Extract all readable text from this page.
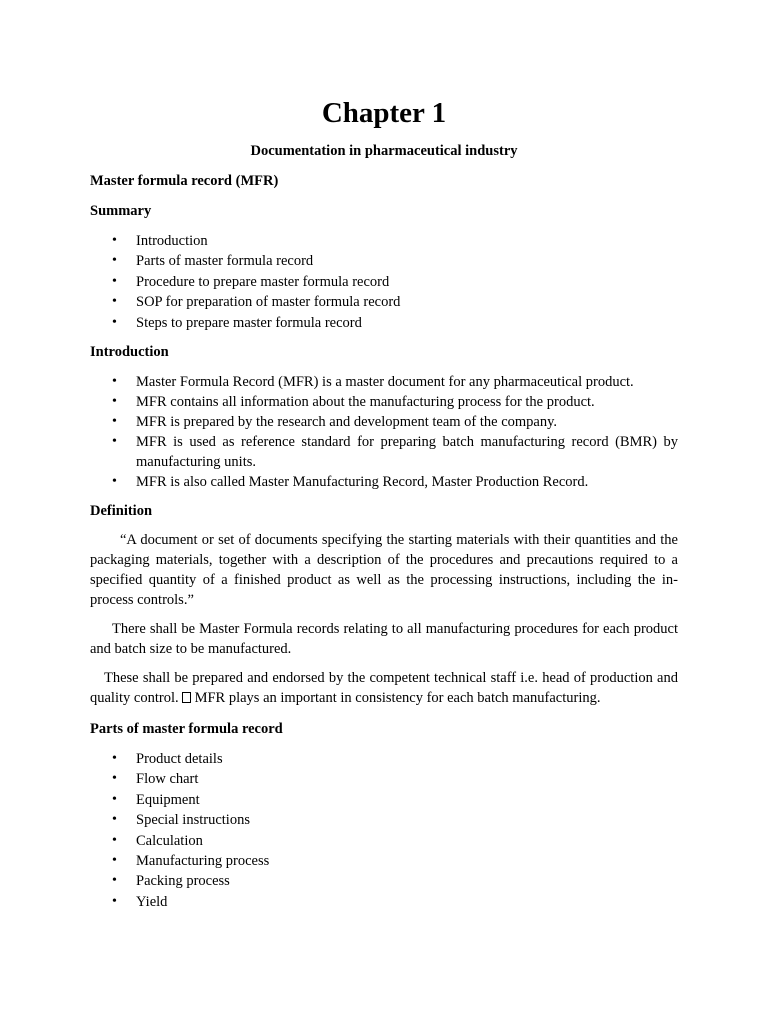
Chapter 1
Documentation in pharmaceutical industry
Master formula record (MFR)
Summary
• Introduction
• Parts of master formula record
• Procedure to prepare master formula record
• SOP for preparation of master formula record
• Steps to prepare master formula record
Introduction
• Master Formula Record (MFR) is a master document for any pharmaceutical product.
• MFR contains all information about the manufacturing process for the product.
• MFR is prepared by the research and development team of the company.
• MFR is used as reference standard for preparing batch manufacturing record (BMR) by manufacturing units.
• MFR is also called Master Manufacturing Record, Master Production Record.
Definition

“A document or set of documents specifying the starting materials with their quantities and the packaging materials, together with a description of the procedures and precautions required to a specified quantity of a finished product as well as the processing instructions, including the in-process controls.”

There shall be Master Formula records relating to all manufacturing procedures for each product and batch size to be manufactured.

These shall be prepared and endorsed by the competent technical staff i.e. head of production and quality control. MFR plays an important in consistency for each batch manufacturing.

Parts of master formula record
• Product details
• Flow chart
• Equipment
• Special instructions
• Calculation
• Manufacturing process
• Packing process
• Yield
